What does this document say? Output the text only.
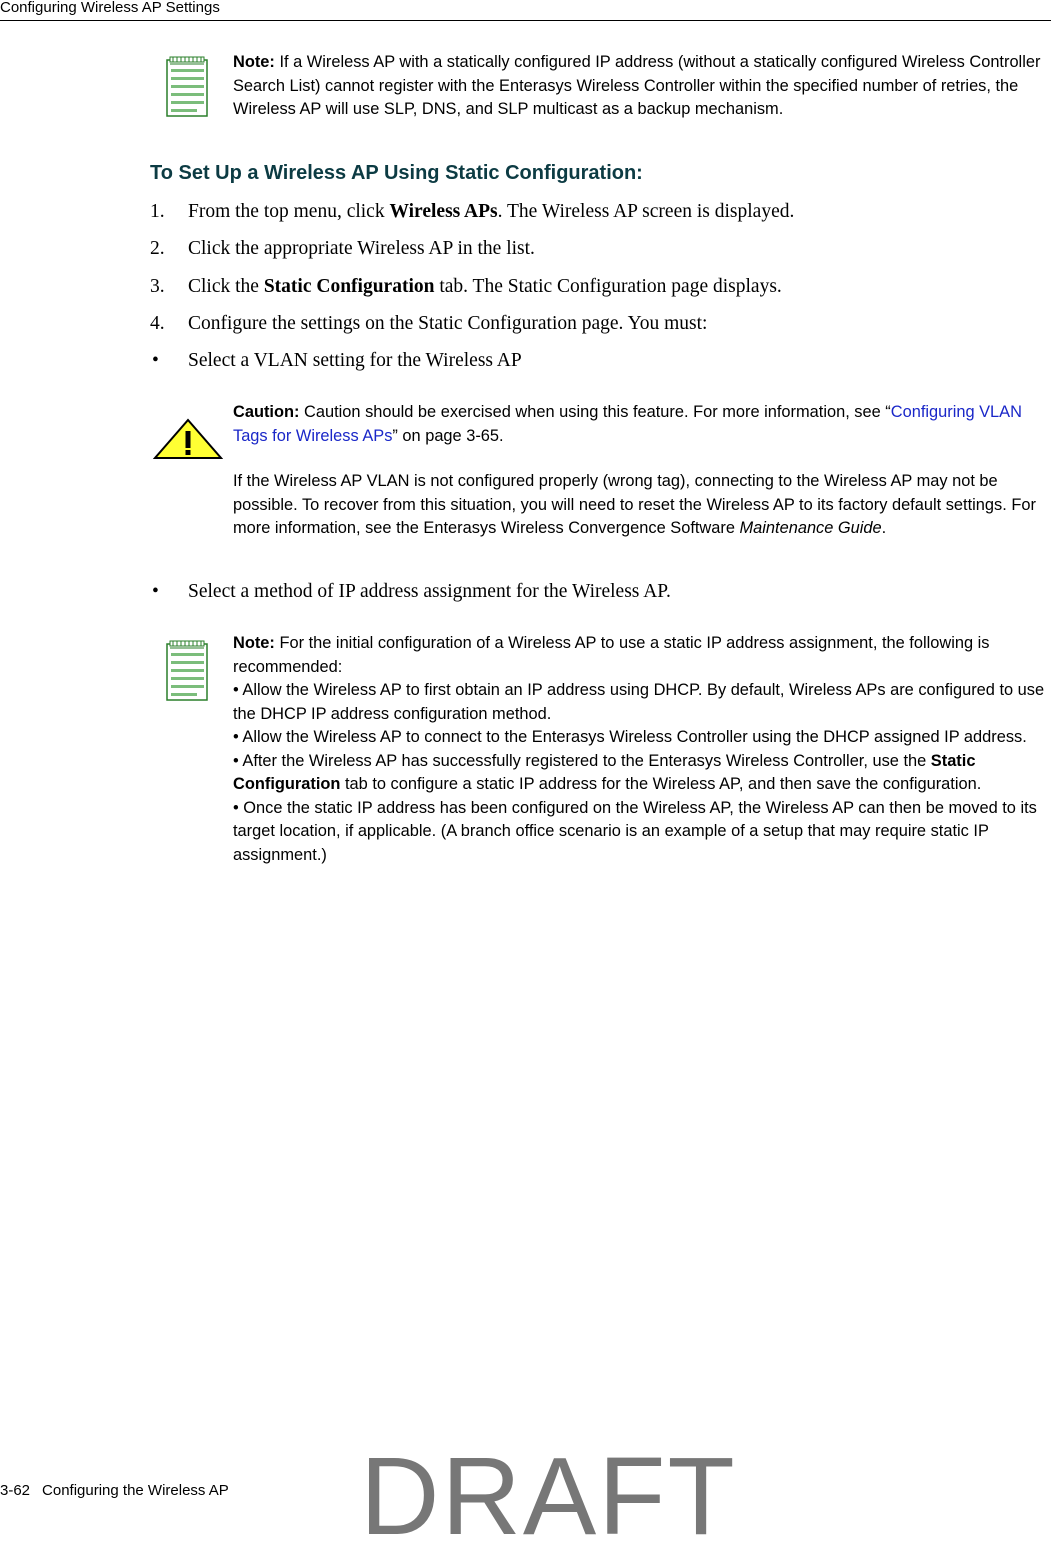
Configuring Wireless AP Settings
Note: If a Wireless AP with a statically configured IP address (without a statically configured Wireless Controller Search List) cannot register with the Enterasys Wireless Controller within the specified number of retries, the Wireless AP will use SLP, DNS, and SLP multicast as a backup mechanism.
To Set Up a Wireless AP Using Static Configuration:
1. From the top menu, click Wireless APs. The Wireless AP screen is displayed.
2. Click the appropriate Wireless AP in the list.
3. Click the Static Configuration tab. The Static Configuration page displays.
4. Configure the settings on the Static Configuration page. You must:
• Select a VLAN setting for the Wireless AP
Caution: Caution should be exercised when using this feature. For more information, see “Configuring VLAN Tags for Wireless APs” on page 3-65.
If the Wireless AP VLAN is not configured properly (wrong tag), connecting to the Wireless AP may not be possible. To recover from this situation, you will need to reset the Wireless AP to its factory default settings. For more information, see the Enterasys Wireless Convergence Software Maintenance Guide.
• Select a method of IP address assignment for the Wireless AP.
Note: For the initial configuration of a Wireless AP to use a static IP address assignment, the following is recommended:
• Allow the Wireless AP to first obtain an IP address using DHCP. By default, Wireless APs are configured to use the DHCP IP address configuration method.
• Allow the Wireless AP to connect to the Enterasys Wireless Controller using the DHCP assigned IP address.
• After the Wireless AP has successfully registered to the Enterasys Wireless Controller, use the Static Configuration tab to configure a static IP address for the Wireless AP, and then save the configuration.
• Once the static IP address has been configured on the Wireless AP, the Wireless AP can then be moved to its target location, if applicable. (A branch office scenario is an example of a setup that may require static IP assignment.)
3-62 Configuring the Wireless AP DRAFT
